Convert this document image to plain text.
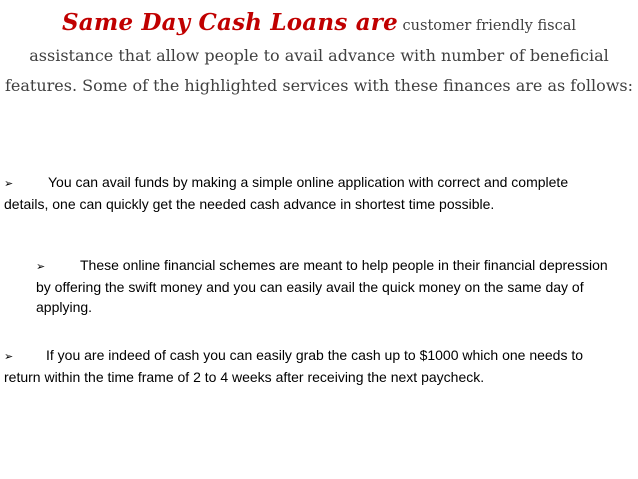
Same Day Cash Loans are customer friendly fiscal
assistance that allow people to avail advance with number of beneficial
features. Some of the highlighted services with these finances are as follows:
➢ You can avail funds by making a simple online application with correct and complete details, one can quickly get the needed cash advance in shortest time possible.
➢ These online financial schemes are meant to help people in their financial depression by offering the swift money and you can easily avail the quick money on the same day of applying.
➢ If you are indeed of cash you can easily grab the cash up to $1000 which one needs to return within the time frame of 2 to 4 weeks after receiving the next paycheck.
